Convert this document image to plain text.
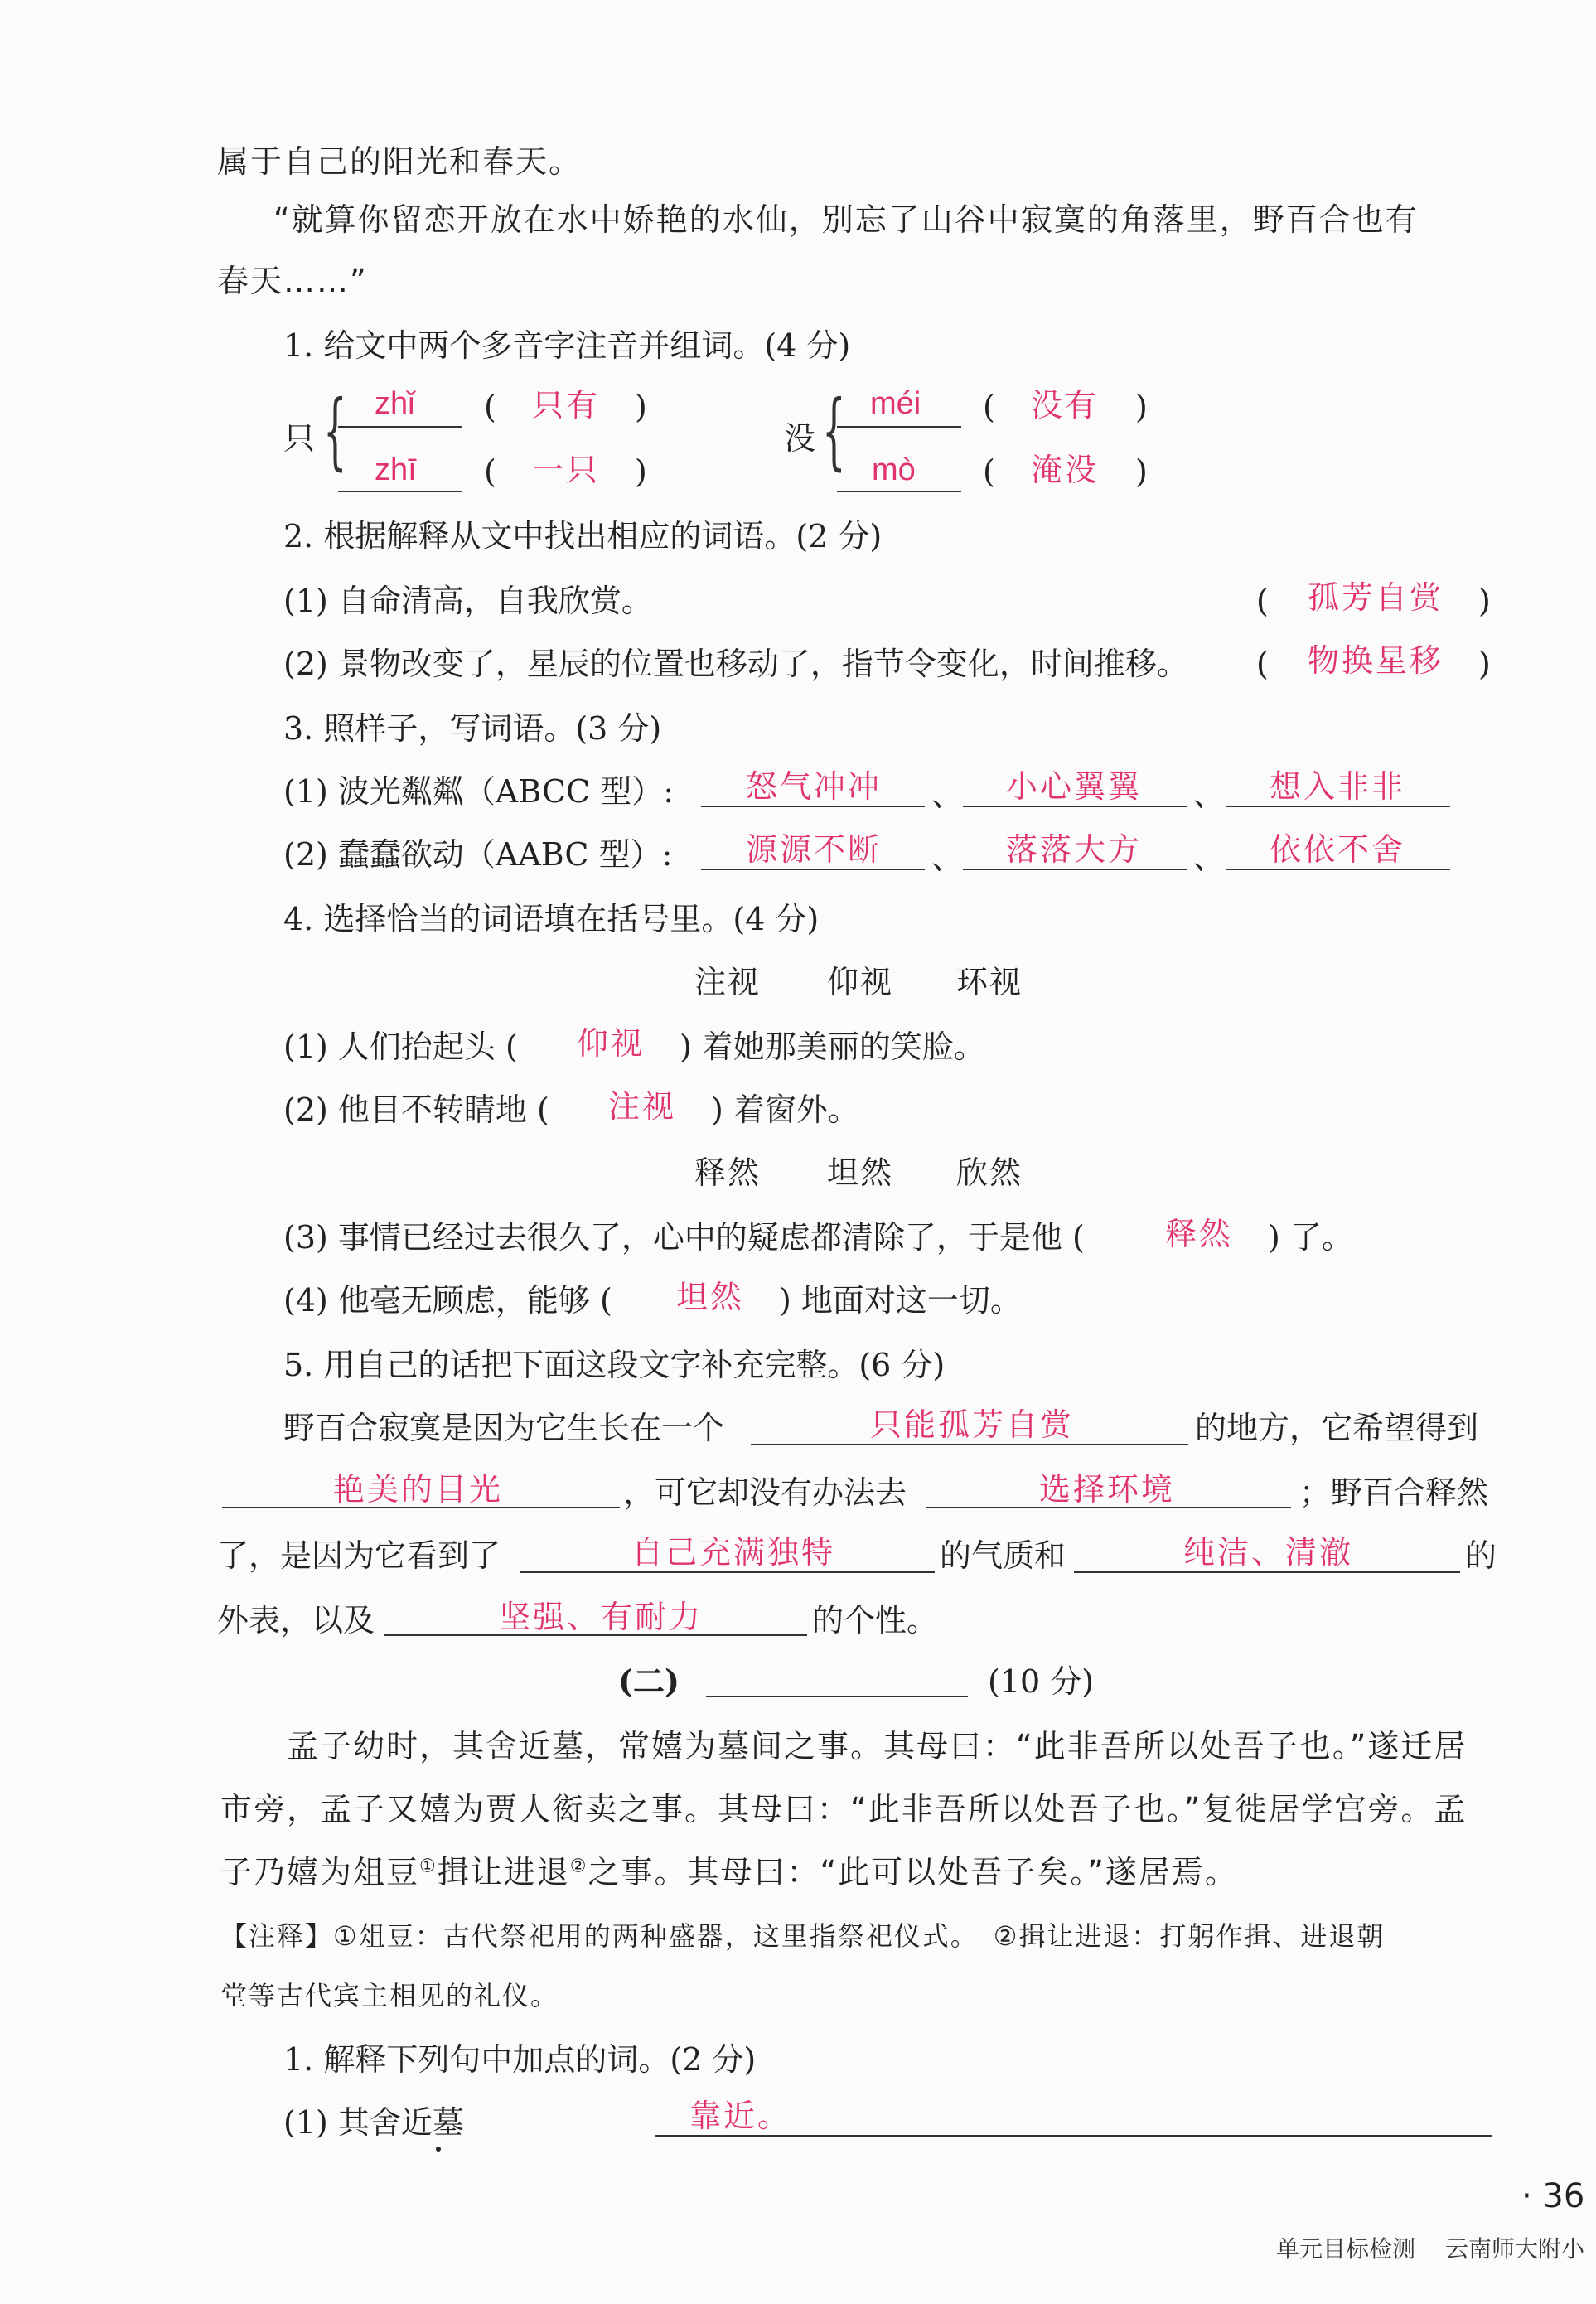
属于自己的阳光和春天。
“就算你留恋开放在水中娇艳的水仙，别忘了山谷中寂寞的角落里，野百合也有
春天……”
1. 给文中两个多音字注音并组词。(4 分)
只 { zhǐ ( 只有 )
zhī ( 一只 )
没 { méi ( 没有 )
mò ( 淹没 )
2. 根据解释从文中找出相应的词语。(2 分)
(1) 自命清高，自我欣赏。	( 孤芳自赏 )
(2) 景物改变了，星辰的位置也移动了，指节令变化，时间推移。 ( 物换星移 )
3. 照样子，写词语。(3 分)
(1) 波光粼粼（ABCC 型）: 怒气冲冲 、 小心翼翼 、 想入非非
(2) 蠢蠢欲动（AABC 型）: 源源不断 、 落落大方 、 依依不舍
4. 选择恰当的词语填在括号里。(4 分)
注视 仰视 环视
(1) 人们抬起头 ( 仰视 ) 着她那美丽的笑脸。
(2) 他目不转睛地 ( 注视 ) 着窗外。
释然 坦然 欣然
(3) 事情已经过去很久了，心中的疑虑都清除了，于是他 (	释然 ) 了。
(4) 他毫无顾虑，能够 ( 坦然 ) 地面对这一切。
5. 用自己的话把下面这段文字补充完整。(6 分)
野百合寂寞是因为它生长在一个	只能孤芳自赏	的地方，它希望得到
艳美的目光	，可它却没有办法去	选择环境	；野百合释然
了，是因为它看到了	自己充满独特	的气质和	纯洁、清澈	的
外表，以及	坚强、有耐力	的个性。
(二)	(10 分)
孟子幼时，其舍近墓，常嬉为墓间之事。其母曰：“此非吾所以处吾子也。”遂迁居
市旁，孟子又嬉为贾人衒卖之事。其母曰：“此非吾所以处吾子也。”复徙居学宫旁。孟
子乃嬉为俎豆①揖让进退②之事。其母曰：“此可以处吾子矣。”遂居焉。
【注释】①俎豆：古代祭祀用的两种盛器，这里指祭祀仪式。　②揖让进退：打躬作揖、进退朝
堂等古代宾主相见的礼仪。
1. 解释下列句中加点的词。(2 分)
(1) 其舍近墓	靠近。
· 36
单元目标检测 云南师大附小
